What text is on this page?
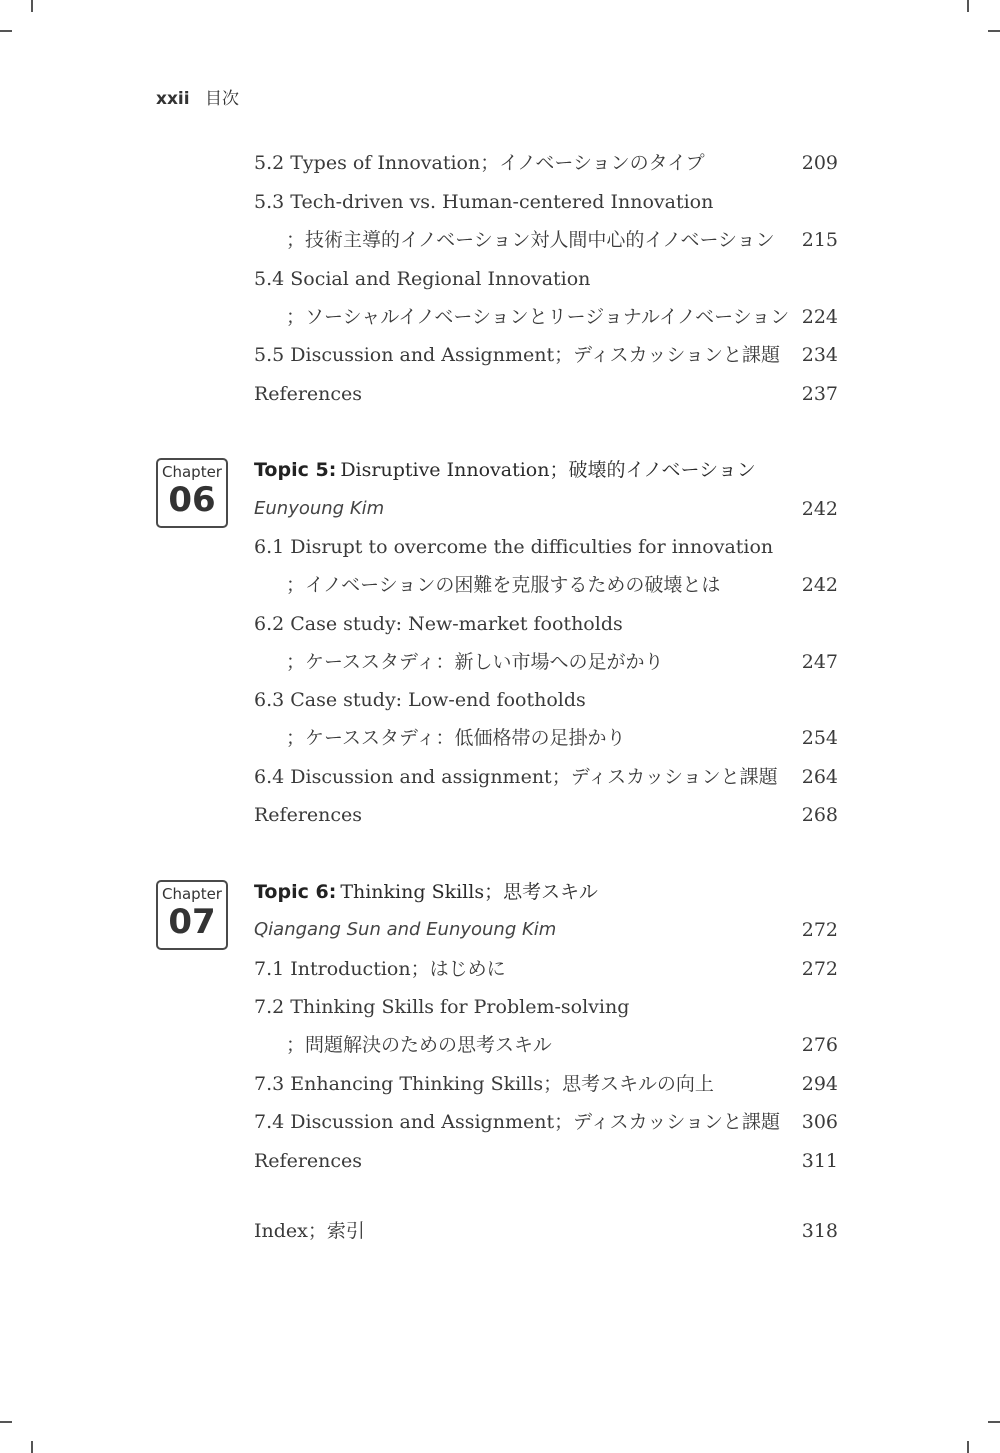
xxii 目次
5.2 Types of Innovation；イノベーションのタイプ	209
5.3 Tech-driven vs. Human-centered Innovation
；技術主導的イノベーション対人間中心的イノベーション 215
5.4 Social and Regional Innovation
；ソーシャルイノベーションとリージョナルイノベーション 224
5.5 Discussion and Assignment；ディスカッションと課題 234
References	237
Chapter
06
Topic 5: Disruptive Innovation；破壊的イノベーション
Eunyoung Kim	242
6.1 Disrupt to overcome the difficulties for innovation
；イノベーションの困難を克服するための破壊とは	242
6.2 Case study: New-market footholds
；ケーススタディ：新しい市場への足がかり	247
6.3 Case study: Low-end footholds
；ケーススタディ：低価格帯の足掛かり	254
6.4 Discussion and assignment；ディスカッションと課題 264
References	268
Chapter
07
Topic 6: Thinking Skills；思考スキル
Qiangang Sun and Eunyoung Kim	272
7.1 Introduction；はじめに	272
7.2 Thinking Skills for Problem-solving
；問題解決のための思考スキル	276
7.3 Enhancing Thinking Skills；思考スキルの向上	294
7.4 Discussion and Assignment；ディスカッションと課題 306
References	311
Index；索引	318
